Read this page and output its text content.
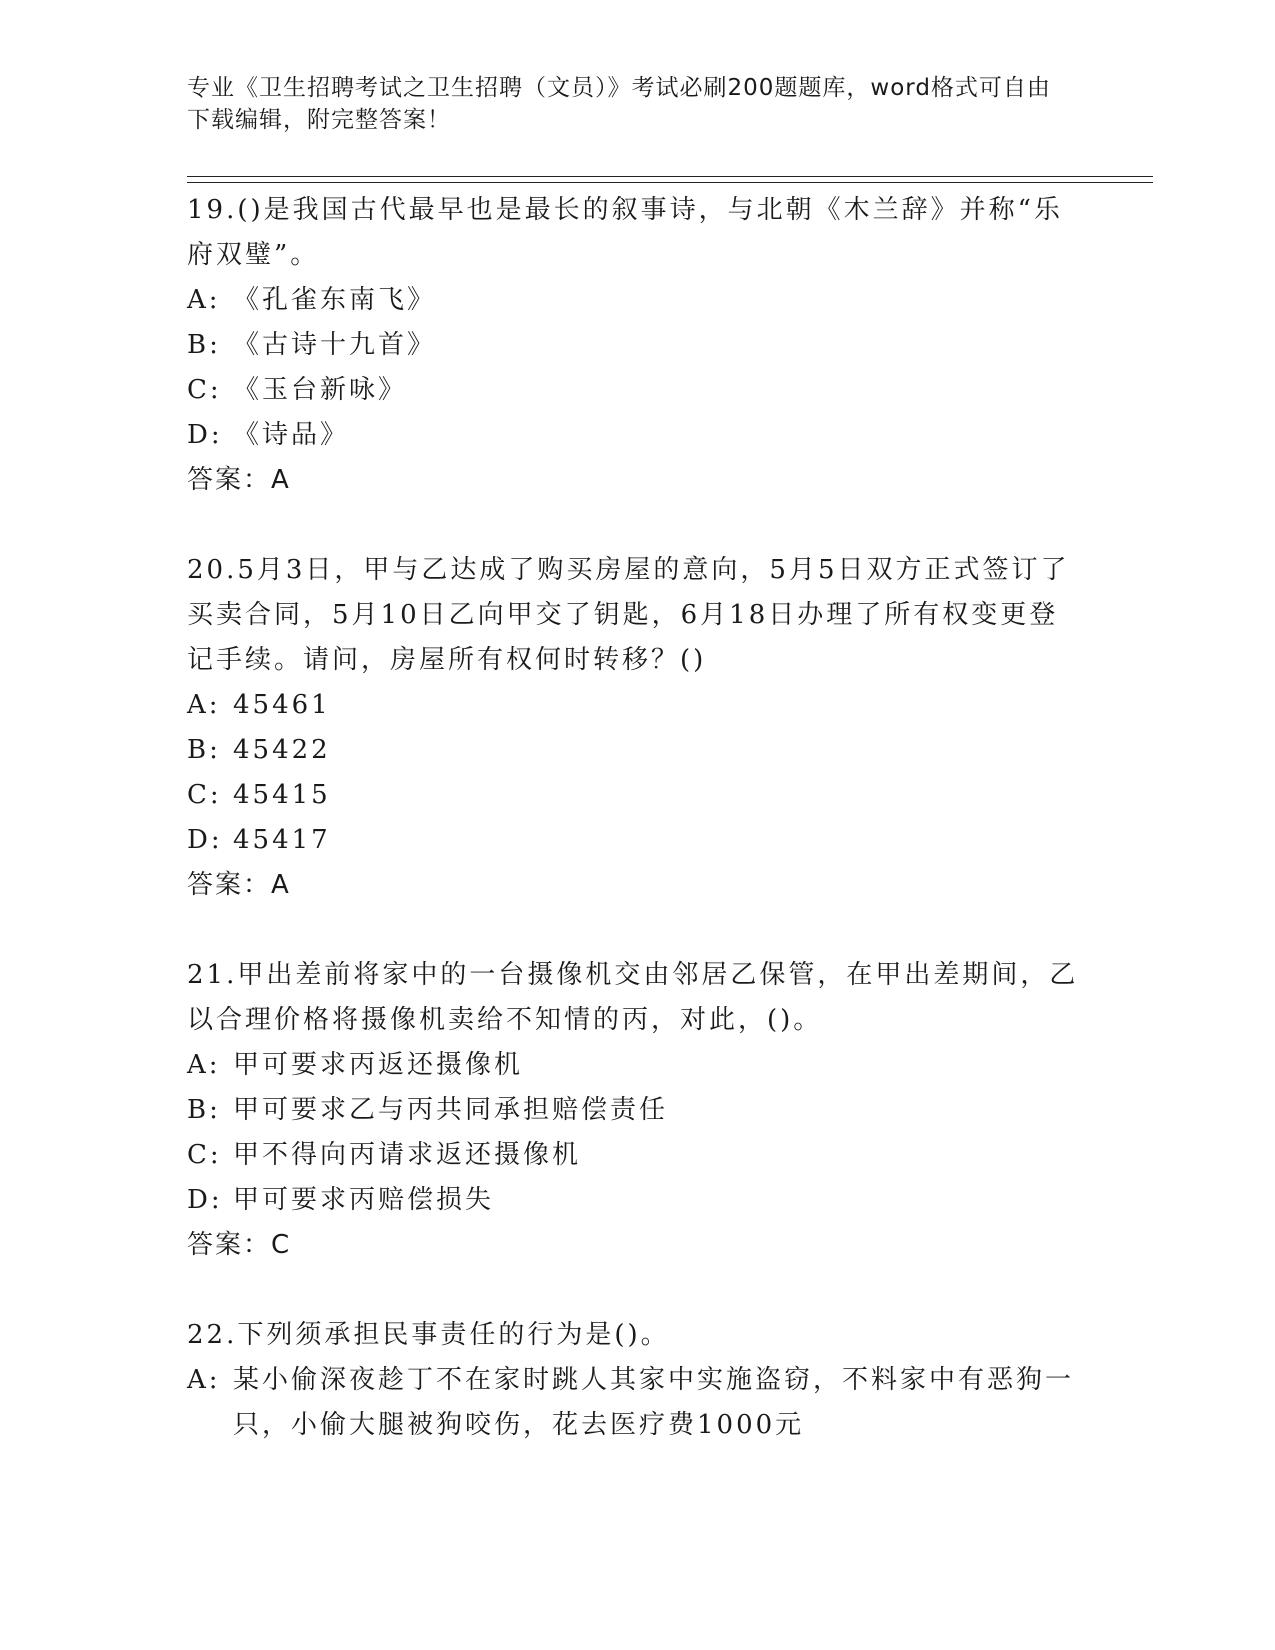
专业《卫生招聘考试之卫生招聘（文员）》考试必刷200题题库，word格式可自由下载编辑，附完整答案！
19.()是我国古代最早也是最长的叙事诗，与北朝《木兰辞》并称“乐府双璧”。
A: 《孔雀东南飞》
B: 《古诗十九首》
C: 《玉台新咏》
D: 《诗品》
答案：A
20.5月3日，甲与乙达成了购买房屋的意向，5月5日双方正式签订了买卖合同，5月10日乙向甲交了钥匙，6月18日办理了所有权变更登记手续。请问，房屋所有权何时转移？()
A: 45461
B: 45422
C: 45415
D: 45417
答案：A
21.甲出差前将家中的一台摄像机交由邻居乙保管，在甲出差期间，乙以合理价格将摄像机卖给不知情的丙，对此，()。
A: 甲可要求丙返还摄像机
B: 甲可要求乙与丙共同承担赔偿责任
C: 甲不得向丙请求返还摄像机
D: 甲可要求丙赔偿损失
答案：C
22.下列须承担民事责任的行为是()。
A: 某小偷深夜趁丁不在家时跳人其家中实施盗窃，不料家中有恶狗一只，小偷大腿被狗咬伤，花去医疗费1000元
